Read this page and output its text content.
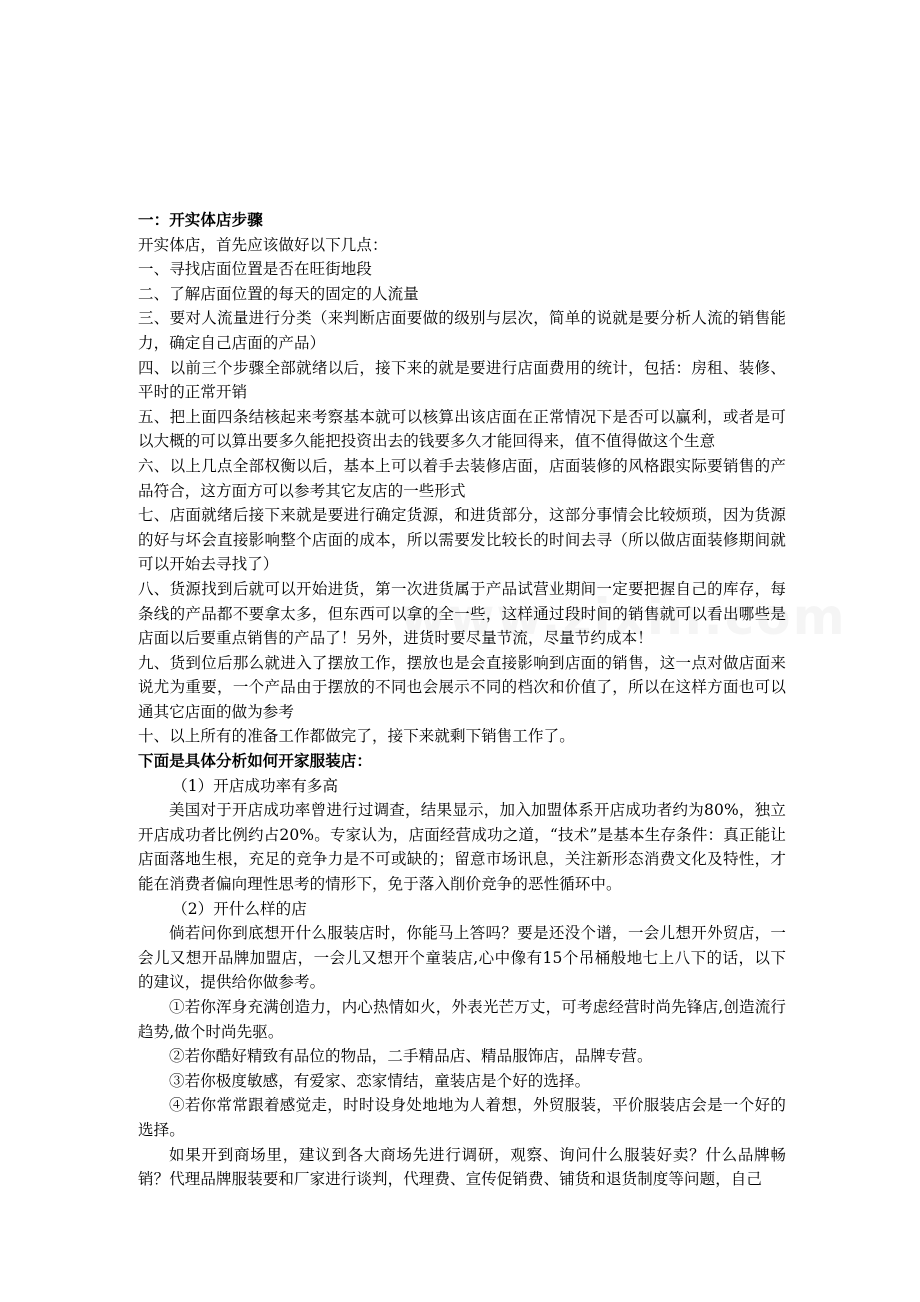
一：开实体店步骤

开实体店，首先应该做好以下几点：

一、寻找店面位置是否在旺街地段

二、了解店面位置的每天的固定的人流量

三、要对人流量进行分类（来判断店面要做的级别与层次，简单的说就是要分析人流的销售能力，确定自己店面的产品）

四、以前三个步骤全部就绪以后，接下来的就是要进行店面费用的统计，包括：房租、装修、平时的正常开销

五、把上面四条结核起来考察基本就可以核算出该店面在正常情况下是否可以赢利，或者是可以大概的可以算出要多久能把投资出去的钱要多久才能回得来，值不值得做这个生意

六、以上几点全部权衡以后，基本上可以着手去装修店面，店面装修的风格跟实际要销售的产品符合，这方面方可以参考其它友店的一些形式

七、店面就绪后接下来就是要进行确定货源，和进货部分，这部分事情会比较烦琐，因为货源的好与坏会直接影响整个店面的成本，所以需要发比较长的时间去寻（所以做店面装修期间就可以开始去寻找了）

八、货源找到后就可以开始进货，第一次进货属于产品试营业期间一定要把握自己的库存，每条线的产品都不要拿太多，但东西可以拿的全一些，这样通过段时间的销售就可以看出哪些是店面以后要重点销售的产品了！另外，进货时要尽量节流，尽量节约成本！

九、货到位后那么就进入了摆放工作，摆放也是会直接影响到店面的销售，这一点对做店面来说尤为重要，一个产品由于摆放的不同也会展示不同的档次和价值了，所以在这样方面也可以通其它店面的做为参考

十、以上所有的准备工作都做完了，接下来就剩下销售工作了。

下面是具体分析如何开家服装店：

（1）开店成功率有多高

美国对于开店成功率曾进行过调查，结果显示，加入加盟体系开店成功者约为80%，独立开店成功者比例约占20%。专家认为，店面经营成功之道，“技术”是基本生存条件：真正能让店面落地生根，充足的竞争力是不可或缺的；留意市场讯息，关注新形态消费文化及特性，才能在消费者偏向理性思考的情形下，免于落入削价竞争的恶性循环中。

（2）开什么样的店

倘若问你到底想开什么服装店时，你能马上答吗？要是还没个谱，一会儿想开外贸店，一会儿又想开品牌加盟店，一会儿又想开个童装店,心中像有15个吊桶般地七上八下的话，以下的建议，提供给你做参考。

①若你浑身充满创造力，内心热情如火，外表光芒万丈，可考虑经营时尚先锋店,创造流行趋势,做个时尚先驱。

②若你酷好精致有品位的物品，二手精品店、精品服饰店，品牌专营。

③若你极度敏感，有爱家、恋家情结，童装店是个好的选择。

④若你常常跟着感觉走，时时设身处地地为人着想，外贸服装，平价服装店会是一个好的选择。

如果开到商场里，建议到各大商场先进行调研，观察、询问什么服装好卖？什么品牌畅销？代理品牌服装要和厂家进行谈判，代理费、宣传促销费、铺货和退货制度等问题，自己
